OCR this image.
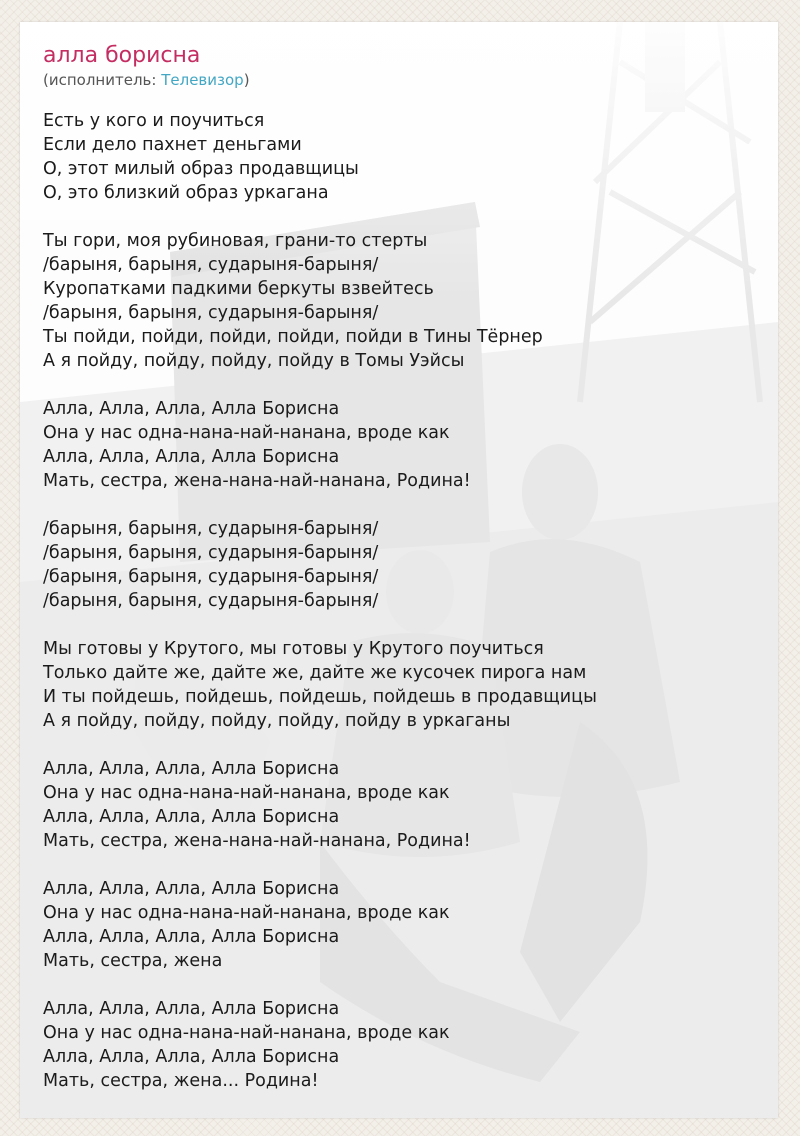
алла борисна
(исполнитель: Телевизор)
Есть у кого и поучиться
Если дело пахнет деньгами
О, этот милый образ продавщицы
О, это близкий образ уркагана
Ты гори, моя рубиновая, грани-то стерты
/барыня, барыня, сударыня-барыня/
Куропатками падкими беркуты взвейтесь
/барыня, барыня, сударыня-барыня/
Ты пойди, пойди, пойди, пойди, пойди в Тины Тёрнер
А я пойду, пойду, пойду, пойду в Томы Уэйсы
Алла, Алла, Алла, Алла Борисна
Она у нас одна-нана-най-нанана, вроде как
Алла, Алла, Алла, Алла Борисна
Мать, сестра, жена-нана-най-нанана, Родина!
/барыня, барыня, сударыня-барыня/
/барыня, барыня, сударыня-барыня/
/барыня, барыня, сударыня-барыня/
/барыня, барыня, сударыня-барыня/
Мы готовы у Крутого, мы готовы у Крутого поучиться
Только дайте же, дайте же, дайте же кусочек пирога нам
И ты пойдешь, пойдешь, пойдешь, пойдешь в продавщицы
А я пойду, пойду, пойду, пойду, пойду в уркаганы
Алла, Алла, Алла, Алла Борисна
Она у нас одна-нана-най-нанана, вроде как
Алла, Алла, Алла, Алла Борисна
Мать, сестра, жена-нана-най-нанана, Родина!
Алла, Алла, Алла, Алла Борисна
Она у нас одна-нана-най-нанана, вроде как
Алла, Алла, Алла, Алла Борисна
Мать, сестра, жена
Алла, Алла, Алла, Алла Борисна
Она у нас одна-нана-най-нанана, вроде как
Алла, Алла, Алла, Алла Борисна
Мать, сестра, жена... Родина!
